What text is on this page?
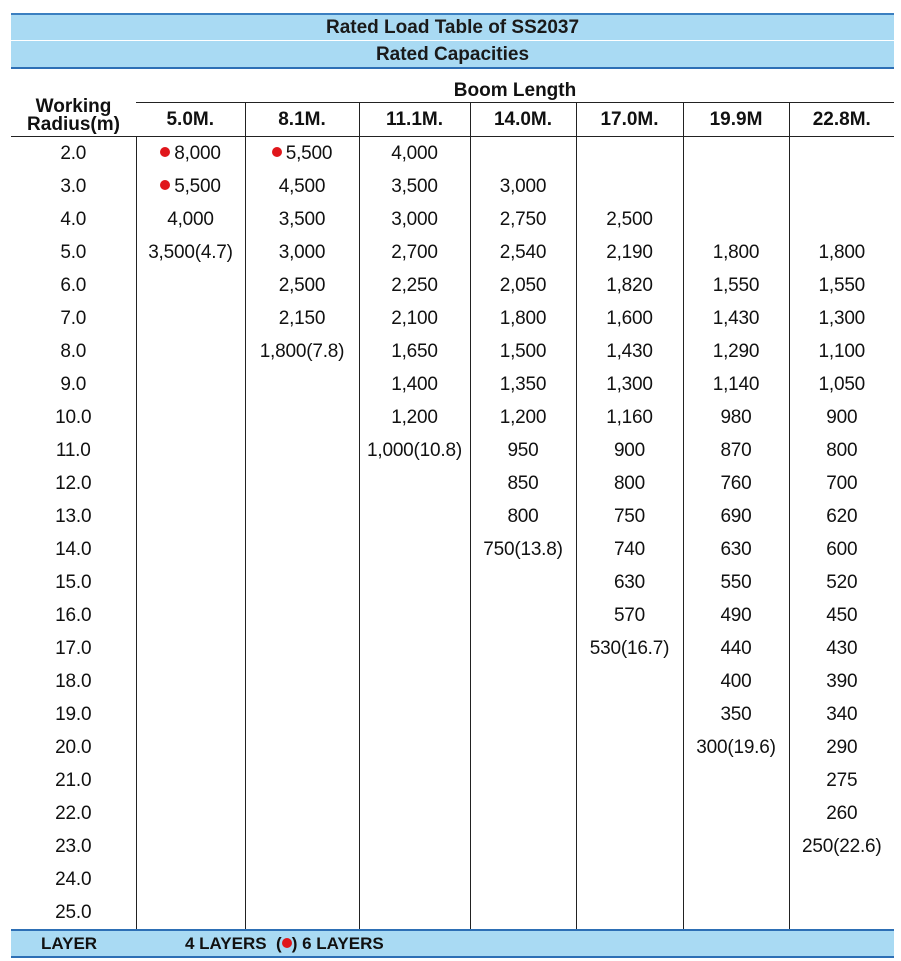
Rated Load Table of SS2037
Rated Capacities
Working
Radius(m)	Boom Length						
	5.0M.	8.1M.	11.1M.	14.0M.	17.0M.	19.9M	22.8M.
2.0	8,000	5,500	4,000				
3.0	5,500	4,500	3,500	3,000			
4.0	4,000	3,500	3,000	2,750	2,500		
5.0	3,500(4.7)	3,000	2,700	2,540	2,190	1,800	1,800
6.0		2,500	2,250	2,050	1,820	1,550	1,550
7.0		2,150	2,100	1,800	1,600	1,430	1,300
8.0		1,800(7.8)	1,650	1,500	1,430	1,290	1,100
9.0			1,400	1,350	1,300	1,140	1,050
10.0			1,200	1,200	1,160	980	900
11.0			1,000(10.8)	950	900	870	800
12.0				850	800	760	700
13.0				800	750	690	620
14.0				750(13.8)	740	630	600
15.0					630	550	520
16.0					570	490	450
17.0					530(16.7)	440	430
18.0						400	390
19.0						350	340
20.0						300(19.6)	290
21.0							275
22.0							260
23.0							250(22.6)
24.0							
25.0							
LAYER	4 LAYERS ( ) 6 LAYERS
